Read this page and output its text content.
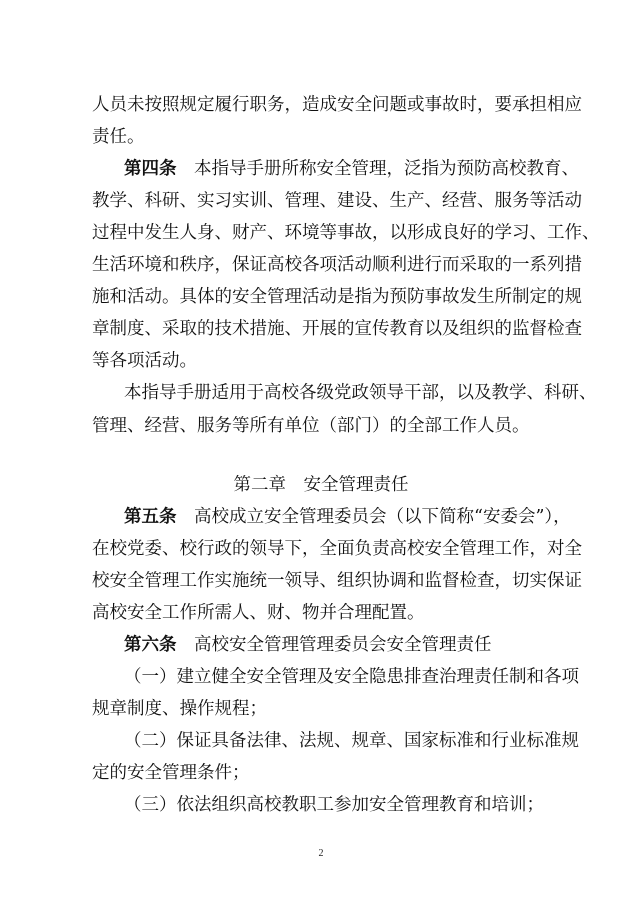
人员未按照规定履行职务，造成安全问题或事故时，要承担相应
责任。
第四条　 本指导手册所称安全管理，泛指为预防高校教育、
教学、科研、实习实训、管理、建设、生产、经营、服务等活动
过程中发生人身、财产、环境等事故，以形成良好的学习、工作、
生活环境和秩序，保证高校各项活动顺利进行而采取的一系列措
施和活动。具体的安全管理活动是指为预防事故发生所制定的规
章制度、采取的技术措施、开展的宣传教育以及组织的监督检查
等各项活动。
本指导手册适用于高校各级党政领导干部，以及教学、科研、
管理、经营、服务等所有单位（部门）的全部工作人员。
第二章　安全管理责任
第五条　 高校成立安全管理委员会（以下简称“安委会”），
在校党委、校行政的领导下，全面负责高校安全管理工作，对全
校安全管理工作实施统一领导、组织协调和监督检查，切实保证
高校安全工作所需人、财、物并合理配置。
第六条　 高校安全管理管理委员会安全管理责任
（一）建立健全安全管理及安全隐患排查治理责任制和各项
规章制度、操作规程；
（二）保证具备法律、法规、规章、国家标准和行业标准规
定的安全管理条件；
（三）依法组织高校教职工参加安全管理教育和培训；
2
